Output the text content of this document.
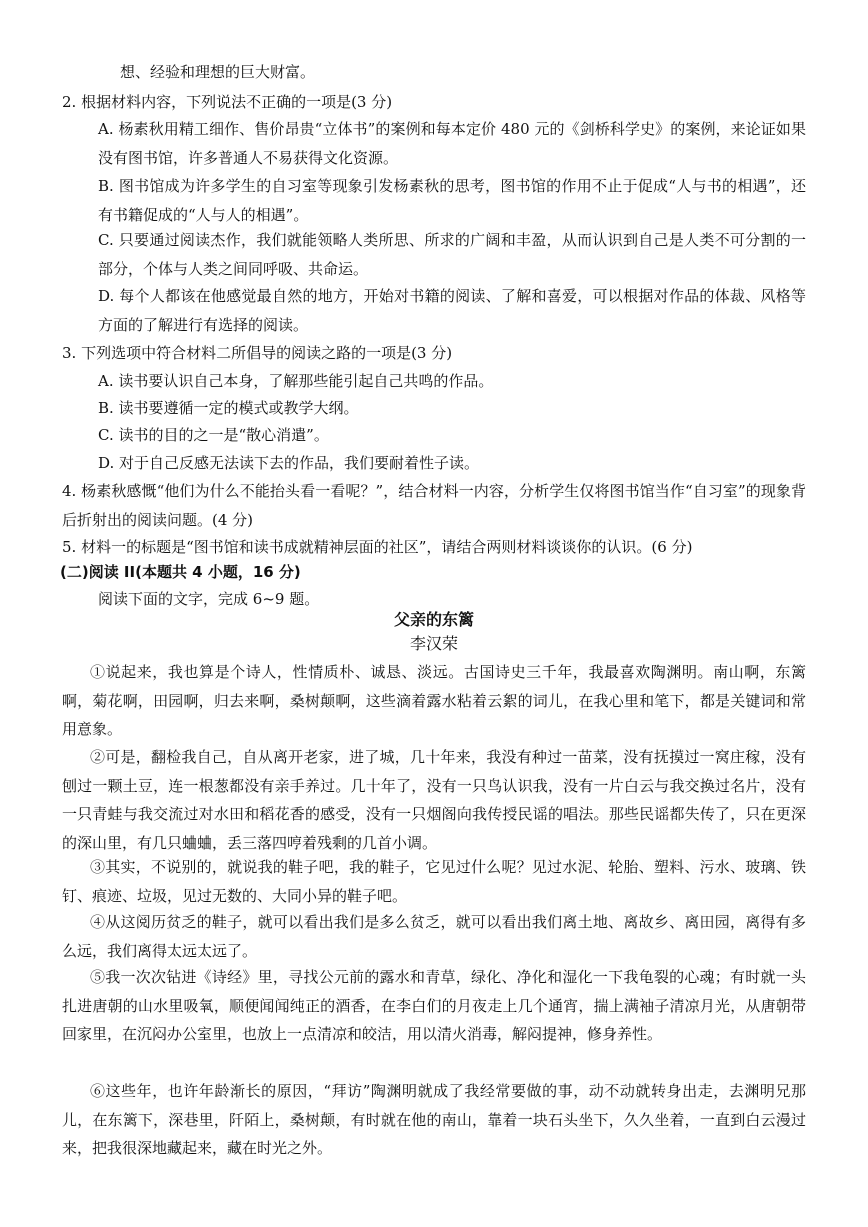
想、经验和理想的巨大财富。
2. 根据材料内容，下列说法不正确的一项是(3 分)
A. 杨素秋用精工细作、售价昂贵“立体书”的案例和每本定价 480 元的《剑桥科学史》的案例，来论证如果没有图书馆，许多普通人不易获得文化资源。
B. 图书馆成为许多学生的自习室等现象引发杨素秋的思考，图书馆的作用不止于促成“人与书的相遇”，还有书籍促成的“人与人的相遇”。
C. 只要通过阅读杰作，我们就能领略人类所思、所求的广阔和丰盈，从而认识到自己是人类不可分割的一部分，个体与人类之间同呼吸、共命运。
D. 每个人都该在他感觉最自然的地方，开始对书籍的阅读、了解和喜爱，可以根据对作品的体裁、风格等方面的了解进行有选择的阅读。
3. 下列选项中符合材料二所倡导的阅读之路的一项是(3 分)
A. 读书要认识自己本身，了解那些能引起自己共鸣的作品。
B. 读书要遵循一定的模式或教学大纲。
C. 读书的目的之一是“散心消遣”。
D. 对于自己反感无法读下去的作品，我们要耐着性子读。
4. 杨素秋感慨“他们为什么不能抬头看一看呢？”，结合材料一内容，分析学生仅将图书馆当作“自习室”的现象背后折射出的阅读问题。(4 分)
5. 材料一的标题是“图书馆和读书成就精神层面的社区”，请结合两则材料谈谈你的认识。(6 分)
(二)阅读 II(本题共 4 小题，16 分)
阅读下面的文字，完成 6~9 题。
父亲的东篱
李汉荣
①说起来，我也算是个诗人，性情质朴、诚恳、淡远。古国诗史三千年，我最喜欢陶渊明。南山啊，东篱啊，菊花啊，田园啊，归去来啊，桑树颠啊，这些滴着露水粘着云絮的词儿，在我心里和笔下，都是关键词和常用意象。
②可是，翻检我自己，自从离开老家，进了城，几十年来，我没有种过一苗菜，没有抚摸过一窝庄稼，没有刨过一颗土豆，连一根葱都没有亲手养过。几十年了，没有一只鸟认识我，没有一片白云与我交换过名片，没有一只青蛙与我交流过对水田和稻花香的感受，没有一只烟阁向我传授民谣的唱法。那些民谣都失传了，只在更深的深山里，有几只蛐蛐，丢三落四哼着残剩的几首小调。
③其实，不说别的，就说我的鞋子吧，我的鞋子，它见过什么呢？见过水泥、轮胎、塑料、污水、玻璃、铁钉、痕迹、垃圾，见过无数的、大同小异的鞋子吧。
④从这阅历贫乏的鞋子，就可以看出我们是多么贫乏，就可以看出我们离土地、离故乡、离田园，离得有多么远，我们离得太远太远了。
⑤我一次次钻进《诗经》里，寻找公元前的露水和青草，绿化、净化和湿化一下我龟裂的心魂；有时就一头扎进唐朝的山水里吸氧，顺便闻闻纯正的酒香，在李白们的月夜走上几个通宵，揣上满袖子清凉月光，从唐朝带回家里，在沉闷办公室里，也放上一点清凉和皎洁，用以清火消毒，解闷提神，修身养性。
⑥这些年，也许年龄渐长的原因，“拜访”陶渊明就成了我经常要做的事，动不动就转身出走，去渊明兄那儿，在东篱下，深巷里，阡陌上，桑树颠，有时就在他的南山，靠着一块石头坐下，久久坐着，一直到白云漫过来，把我很深地藏起来，藏在时光之外。
